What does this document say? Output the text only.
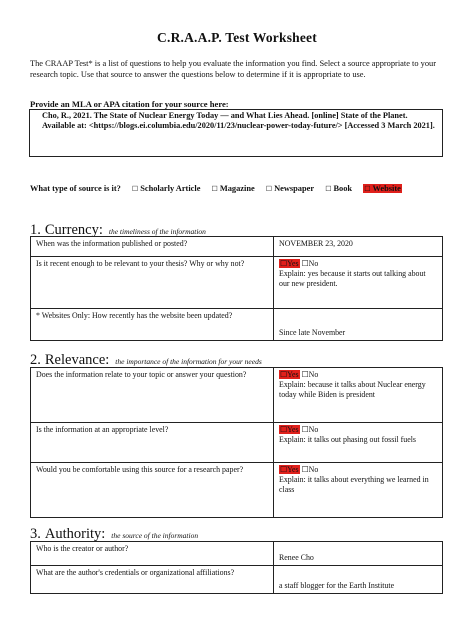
C.R.A.A.P. Test Worksheet
The CRAAP Test* is a list of questions to help you evaluate the information you find. Select a source appropriate to your research topic. Use that source to answer the questions below to determine if it is appropriate to use.
Provide an MLA or APA citation for your source here:
Cho, R., 2021. The State of Nuclear Energy Today — and What Lies Ahead. [online] State of the Planet. Available at: <https://blogs.ei.columbia.edu/2020/11/23/nuclear-power-today-future/> [Accessed 3 March 2021].
What type of source is it? ☐ Scholarly Article ☐ Magazine ☐ Newspaper ☐ Book ☐ Website
1. Currency: the timeliness of the information
When was the information published or posted?	NOVEMBER 23, 2020
Is it recent enough to be relevant to your thesis? Why or why not?	☐Yes ☐No
Explain: yes because it starts out talking about our new president.
* Websites Only: How recently has the website been updated?	Since late November
2. Relevance: the importance of the information for your needs
Does the information relate to your topic or answer your question?	☐Yes ☐No
Explain: because it talks about Nuclear energy today while Biden is president
Is the information at an appropriate level?	☐Yes ☐No
Explain: it talks out phasing out fossil fuels
Would you be comfortable using this source for a research paper?	☐Yes ☐No
Explain: it talks about everything we learned in class
3. Authority: the source of the information
Who is the creator or author?	Renee Cho
What are the author's credentials or organizational affiliations?	a staff blogger for the Earth Institute
